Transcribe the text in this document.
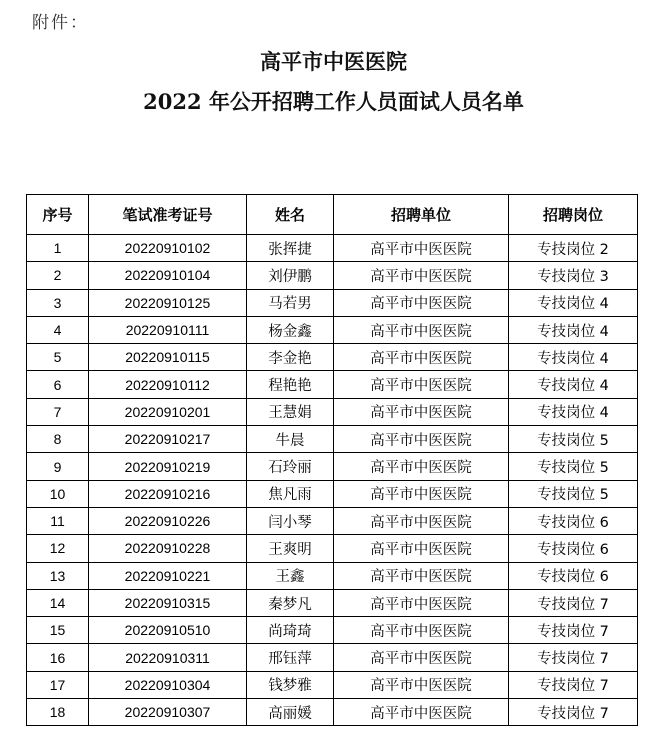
附件：
高平市中医医院
2022 年公开招聘工作人员面试人员名单
序号	笔试准考证号	姓名	招聘单位	招聘岗位
1	20220910102	张挥捷	高平市中医医院	专技岗位 2
2	20220910104	刘伊鹏	高平市中医医院	专技岗位 3
3	20220910125	马若男	高平市中医医院	专技岗位 4
4	20220910111	杨金鑫	高平市中医医院	专技岗位 4
5	20220910115	李金艳	高平市中医医院	专技岗位 4
6	20220910112	程艳艳	高平市中医医院	专技岗位 4
7	20220910201	王慧娟	高平市中医医院	专技岗位 4
8	20220910217	牛晨	高平市中医医院	专技岗位 5
9	20220910219	石玲丽	高平市中医医院	专技岗位 5
10	20220910216	焦凡雨	高平市中医医院	专技岗位 5
11	20220910226	闫小琴	高平市中医医院	专技岗位 6
12	20220910228	王爽明	高平市中医医院	专技岗位 6
13	20220910221	王鑫	高平市中医医院	专技岗位 6
14	20220910315	秦梦凡	高平市中医医院	专技岗位 7
15	20220910510	尚琦琦	高平市中医医院	专技岗位 7
16	20220910311	邢钰萍	高平市中医医院	专技岗位 7
17	20220910304	钱梦雅	高平市中医医院	专技岗位 7
18	20220910307	高丽媛	高平市中医医院	专技岗位 7
